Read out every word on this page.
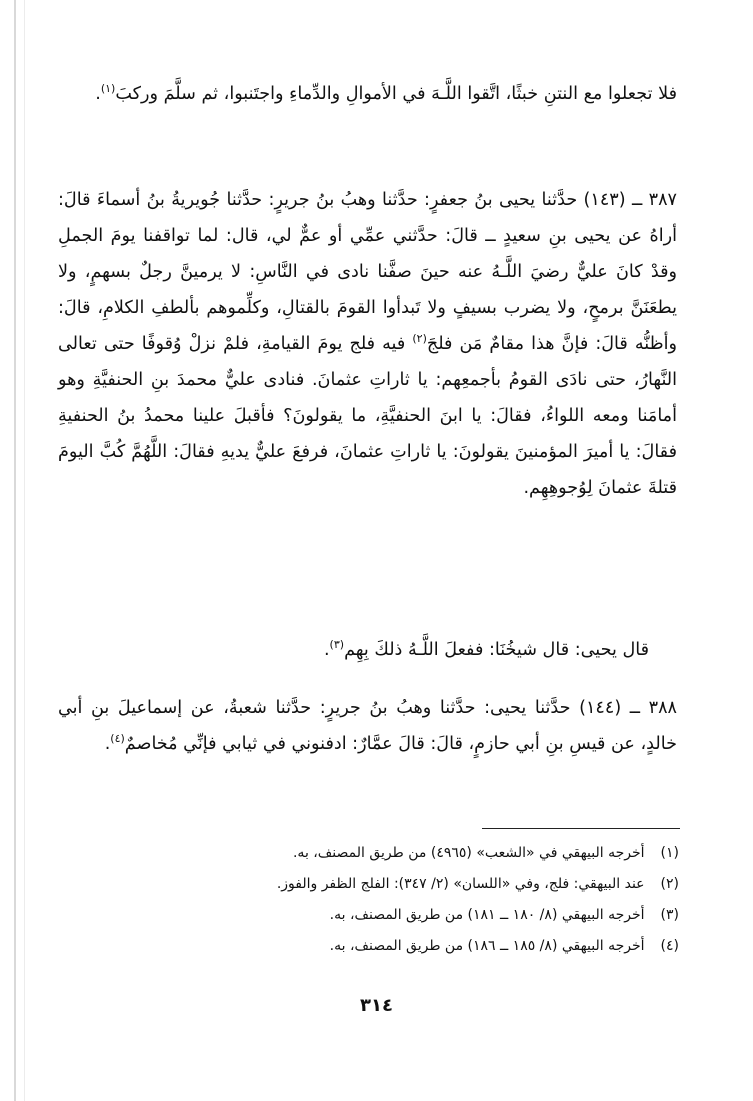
فلا تجعلوا مع النتنِ خبثًا، اتَّقوا اللَّـهَ في الأموالِ والدِّماءِ واجتَنبوا، ثم سلَّمَ وركبَ$^{(١)}$.

٣٨٧ ــ (١٤٣) حدَّثنا يحيى بنُ جعفرٍ: حدَّثنا وهبُ بنُ جريرٍ: حدَّثنا جُويريةُ بنُ أسماءَ قالَ: أراهُ عن يحيى بنِ سعيدٍ ــ قالَ: حدَّثني عمِّي أو عمٌّ لي، قال: لما تواقفنا يومَ الجملِ وقدْ كانَ عليٌّ رضيَ اللَّـهُ عنه حينَ صفَّنا نادى في النَّاسِ: لا يرمينَّ رجلٌ بسهمٍ، ولا يطعَنَنَّ برمحٍ، ولا يضرب بسيفٍ ولا تَبدأوا القومَ بالقتالِ، وكلِّموهم بألطفِ الكلامِ، قالَ: وأظنُّه قالَ: فإنَّ هذا مقامٌ مَن فلجَ$^{(٢)}$ فيه فلج يومَ القيامةِ، فلمْ نزلْ وُقوفًا حتى تعالى النَّهارُ، حتى نادَى القومُ بأجمعِهم: يا ثاراتِ عثمانَ. فنادى عليٌّ محمدَ بنِ الحنفيَّةِ وهو أمامَنا ومعه اللواءُ، فقالَ: يا ابنَ الحنفيَّةِ، ما يقولونَ؟ فأقبلَ علينا محمدُ بنُ الحنفيةِ فقالَ: يا أميرَ المؤمنينَ يقولونَ: يا ثاراتِ عثمانَ، فرفعَ عليٌّ يديهِ فقالَ: اللَّهُمَّ كُبَّ اليومَ قتلةَ عثمانَ لِوُجوهِهِم.

قال يحيى: قال شيخُنَا: ففعلَ اللَّـهُ ذلكَ بِهِم$^{(٣)}$.

٣٨٨ ــ (١٤٤) حدَّثنا يحيى: حدَّثنا وهبُ بنُ جريرٍ: حدَّثنا شعبةُ، عن إسماعيلَ بنِ أبي خالدٍ، عن قيسِ بنِ أبي حازمٍ، قالَ: قالَ عمَّارٌ: ادفنوني في ثيابي فإنِّي مُخاصمٌ$^{(٤)}$.

(١) أخرجه البيهقي في «الشعب» (٤٩٦٥) من طريق المصنف، به.

(٢) عند البيهقي: فلج، وفي «اللسان» (٢/ ٣٤٧): الفلج الظفر والفوز.

(٣) أخرجه البيهقي (٨/ ١٨٠ ــ ١٨١) من طريق المصنف، به.

(٤) أخرجه البيهقي (٨/ ١٨٥ ــ ١٨٦) من طريق المصنف، به.

٣١٤
